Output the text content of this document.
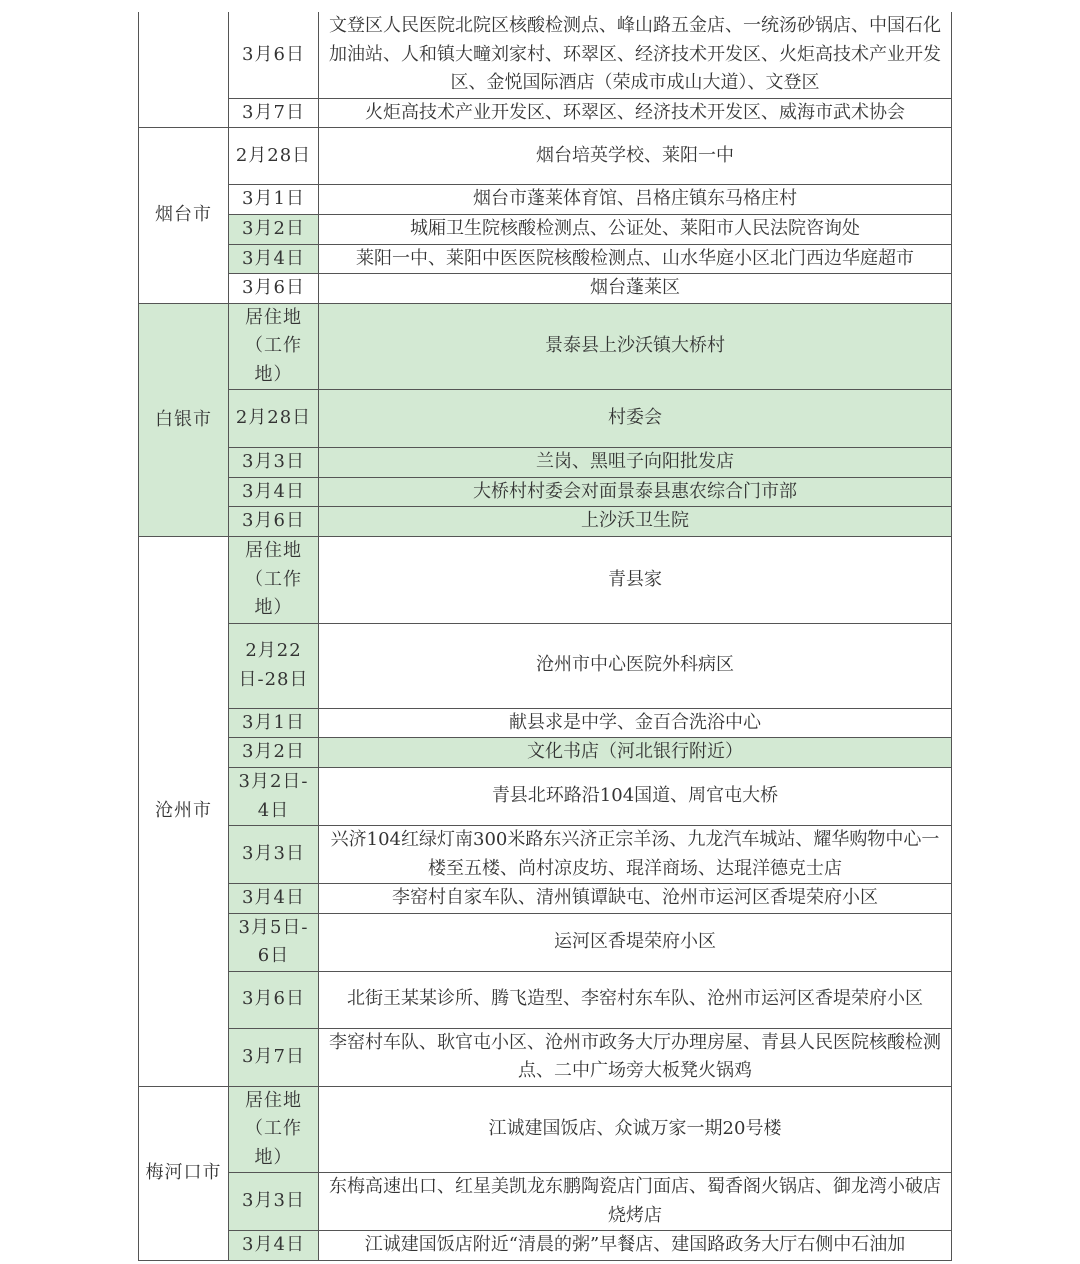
	3月6日	文登区人民医院北院区核酸检测点、峰山路五金店、一统汤砂锅店、中国石化加油站、人和镇大疃刘家村、环翠区、经济技术开发区、火炬高技术产业开发区、金悦国际酒店（荣成市成山大道）、文登区
	3月7日	火炬高技术产业开发区、环翠区、经济技术开发区、威海市武术协会
烟台市	2月28日	烟台培英学校、莱阳一中
	3月1日	烟台市蓬莱体育馆、吕格庄镇东马格庄村
	3月2日	城厢卫生院核酸检测点、公证处、莱阳市人民法院咨询处
	3月4日	莱阳一中、莱阳中医医院核酸检测点、山水华庭小区北门西边华庭超市
	3月6日	烟台蓬莱区
白银市	居住地（工作地）	景泰县上沙沃镇大桥村
	2月28日	村委会
	3月3日	兰岗、黑咀子向阳批发店
	3月4日	大桥村村委会对面景泰县惠农综合门市部
	3月6日	上沙沃卫生院
沧州市	居住地（工作地）	青县家
	2月22日-28日	沧州市中心医院外科病区
	3月1日	献县求是中学、金百合洗浴中心
	3月2日	文化书店（河北银行附近）
	3月2日-4日	青县北环路沿104国道、周官屯大桥
	3月3日	兴济104红绿灯南300米路东兴济正宗羊汤、九龙汽车城站、耀华购物中心一楼至五楼、尚村凉皮坊、琨洋商场、达琨洋德克士店
	3月4日	李窑村自家车队、清州镇谭缺屯、沧州市运河区香堤荣府小区
	3月5日-6日	运河区香堤荣府小区
	3月6日	北街王某某诊所、腾飞造型、李窑村东车队、沧州市运河区香堤荣府小区
	3月7日	李窑村车队、耿官屯小区、沧州市政务大厅办理房屋、青县人民医院核酸检测点、二中广场旁大板凳火锅鸡
梅河口市	居住地（工作地）	江诚建国饭店、众诚万家一期20号楼
	3月3日	东梅高速出口、红星美凯龙东鹏陶瓷店门面店、蜀香阁火锅店、御龙湾小破店烧烤店
	3月4日	江诚建国饭店附近“清晨的粥”早餐店、建国路政务大厅右侧中石油加
